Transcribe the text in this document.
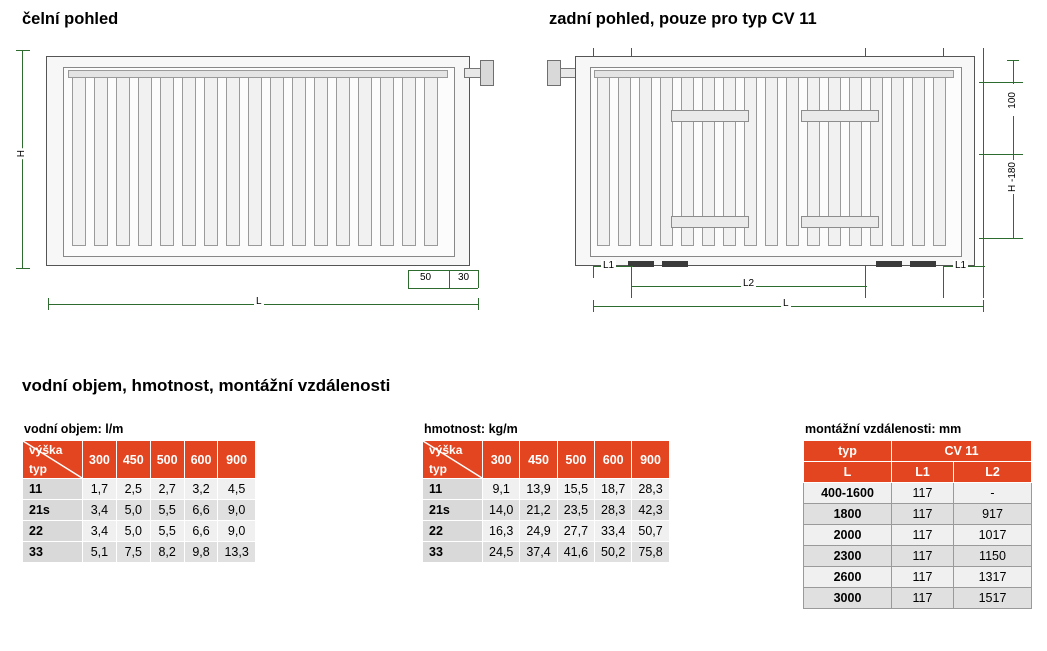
čelní pohled	zadní pohled, pouze pro typ CV 11
H
50	30
L
100
H -180
L1	L1
L2
L
vodní objem, hmotnost, montážní vzdálenosti
vodní objem: l/m
výška
typ	300	450	500	600	900
11	1,7	2,5	2,7	3,2	4,5
21s	3,4	5,0	5,5	6,6	9,0
22	3,4	5,0	5,5	6,6	9,0
33	5,1	7,5	8,2	9,8	13,3
hmotnost: kg/m
výška
typ	300	450	500	600	900
11	9,1	13,9	15,5	18,7	28,3
21s	14,0	21,2	23,5	28,3	42,3
22	16,3	24,9	27,7	33,4	50,7
33	24,5	37,4	41,6	50,2	75,8
montážní vzdálenosti: mm
typ	CV 11	
L	L1	L2
400-1600	117	-
1800	117	917
2000	117	1017
2300	117	1150
2600	117	1317
3000	117	1517
